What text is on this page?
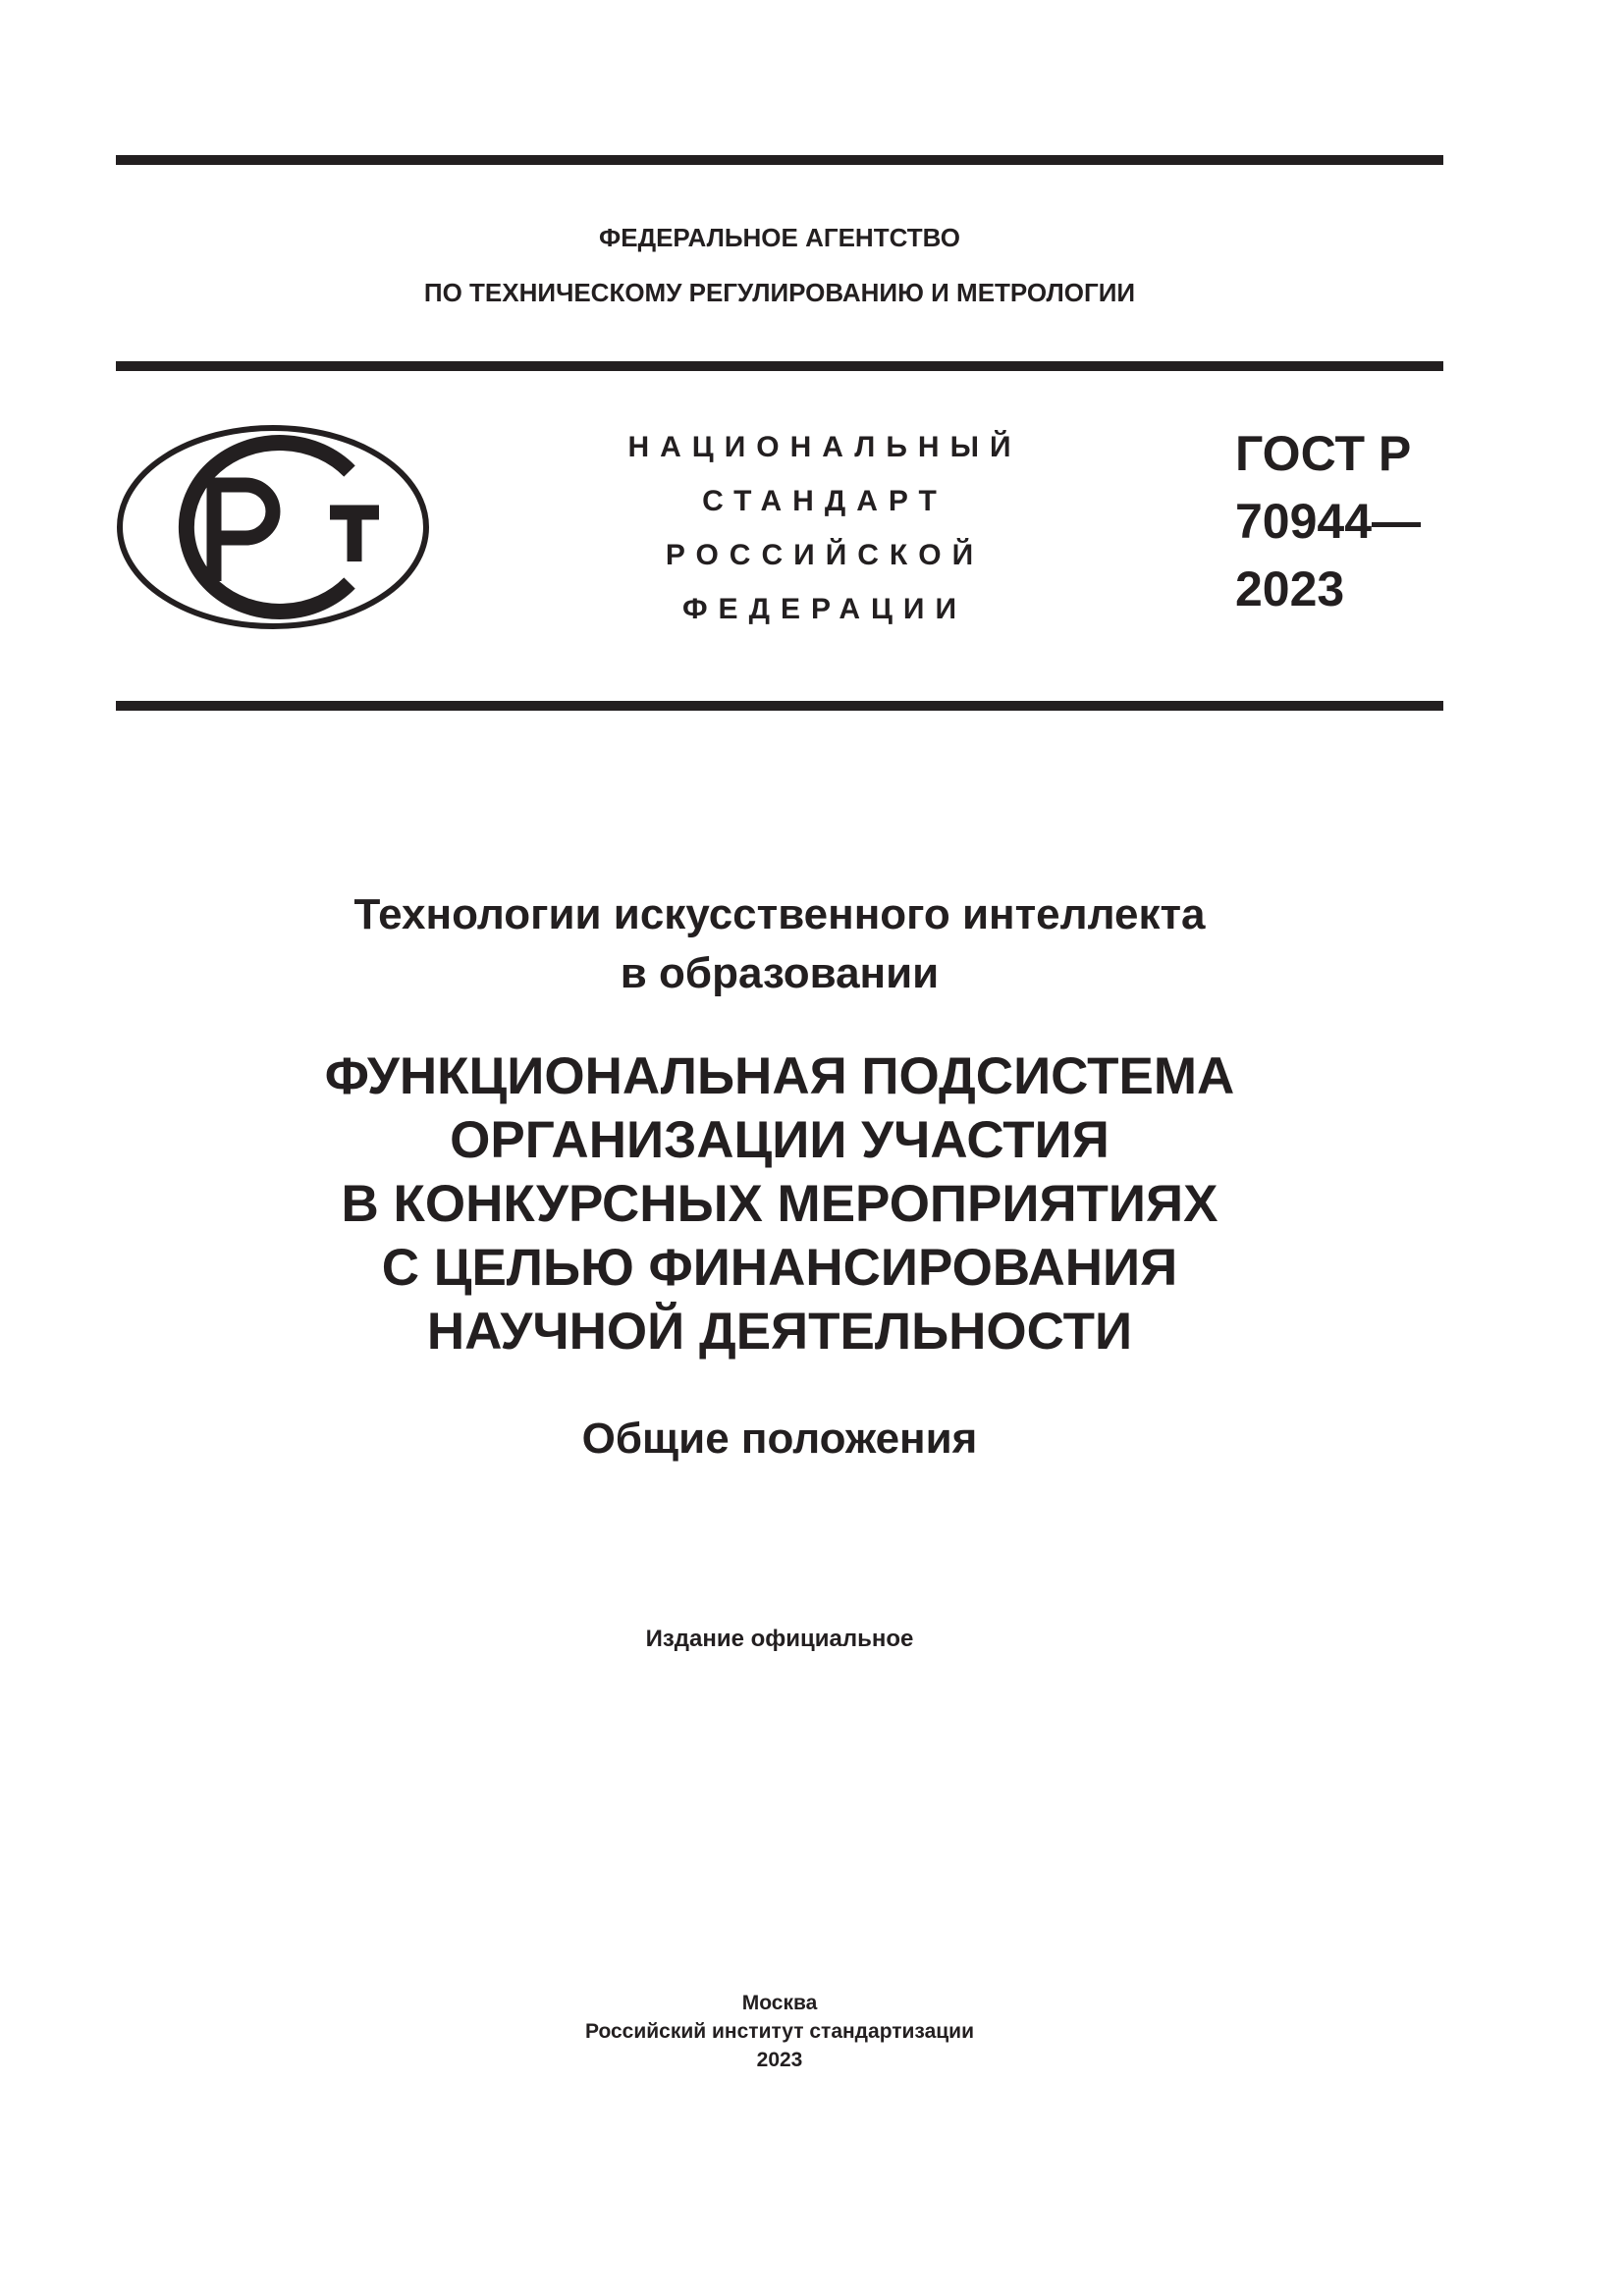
ФЕДЕРАЛЬНОЕ АГЕНТСТВО
ПО ТЕХНИЧЕСКОМУ РЕГУЛИРОВАНИЮ И МЕТРОЛОГИИ
НАЦИОНАЛЬНЫЙ
СТАНДАРТ
РОССИЙСКОЙ
ФЕДЕРАЦИИ
ГОСТ Р
70944—
2023
Технологии искусственного интеллекта
в образовании
ФУНКЦИОНАЛЬНАЯ ПОДСИСТЕМА
ОРГАНИЗАЦИИ УЧАСТИЯ
В КОНКУРСНЫХ МЕРОПРИЯТИЯХ
С ЦЕЛЬЮ ФИНАНСИРОВАНИЯ
НАУЧНОЙ ДЕЯТЕЛЬНОСТИ
Общие положения
Издание официальное
Москва
Российский институт стандартизации
2023
